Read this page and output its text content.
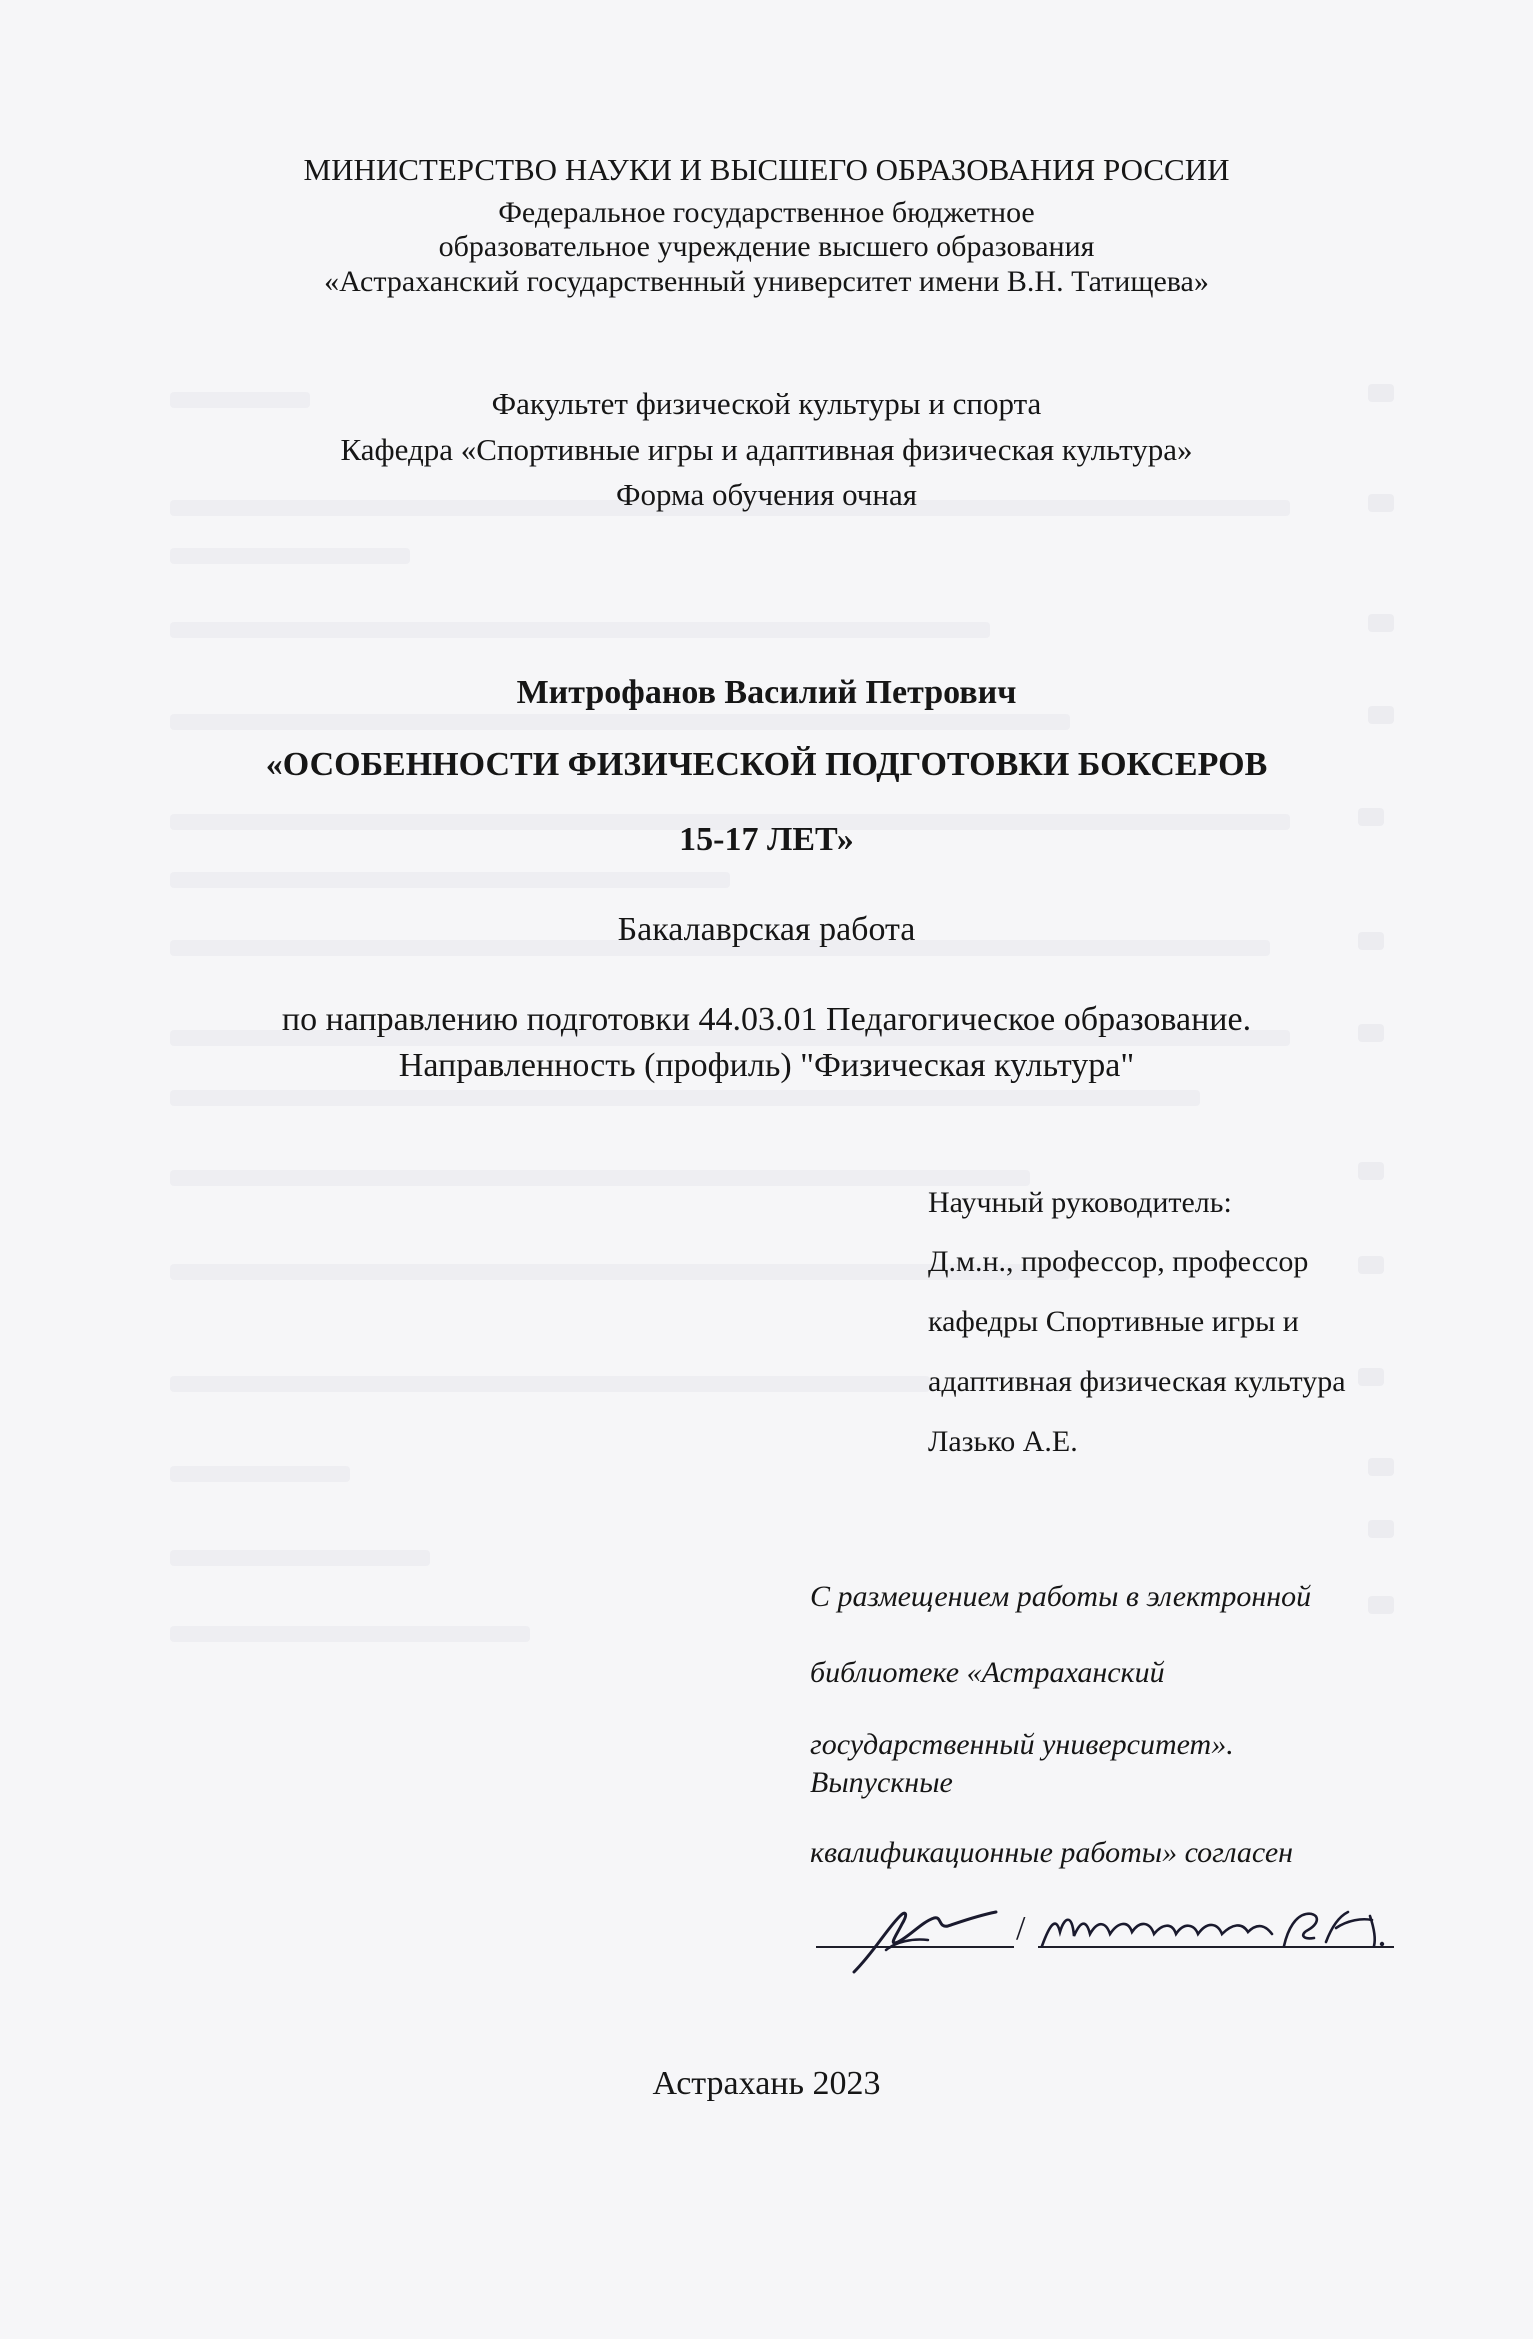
МИНИСТЕРСТВО НАУКИ И ВЫСШЕГО ОБРАЗОВАНИЯ РОССИИ
Федеральное государственное бюджетное
образовательное учреждение высшего образования
«Астраханский государственный университет имени В.Н. Татищева»
Факультет физической культуры и спорта
Кафедра «Спортивные игры и адаптивная физическая культура»
Форма обучения очная
Митрофанов Василий Петрович
«ОСОБЕННОСТИ ФИЗИЧЕСКОЙ ПОДГОТОВКИ БОКСЕРОВ
15-17 ЛЕТ»
Бакалаврская работа
по направлению подготовки 44.03.01 Педагогическое образование.
Направленность (профиль) "Физическая культура"
Научный руководитель:
Д.м.н., профессор, профессор
кафедры Спортивные игры и
адаптивная физическая культура
Лазько А.Е.
С размещением работы в электронной
библиотеке «Астраханский
государственный университет».
Выпускные
квалификационные работы» согласен
/
Астрахань 2023
